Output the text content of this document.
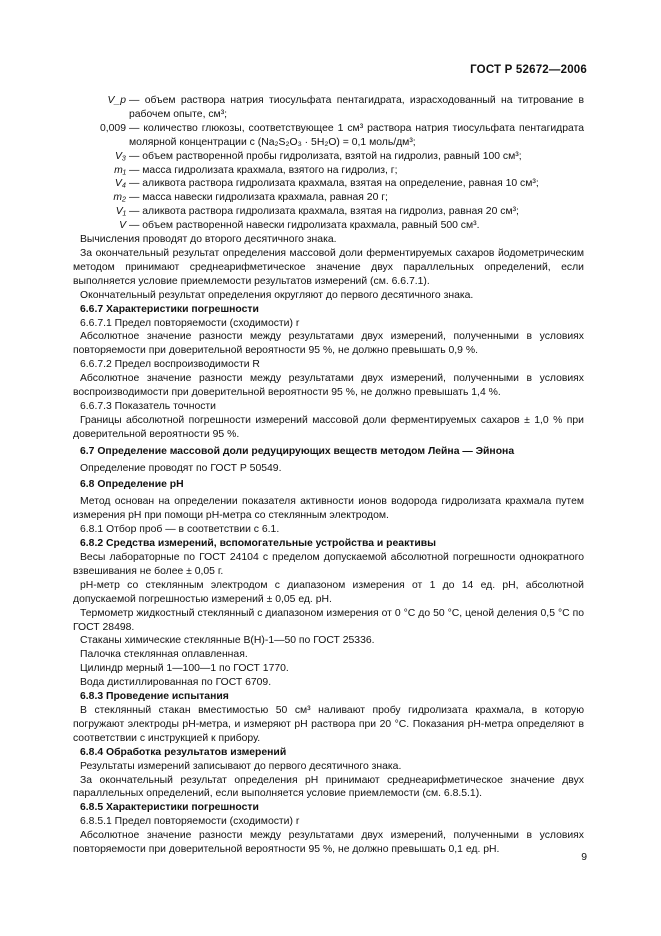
ГОСТ Р 52672—2006
V_p — объем раствора натрия тиосульфата пентагидрата, израсходованный на титрование в рабочем опыте, см³;
0,009 — количество глюкозы, соответствующее 1 см³ раствора натрия тиосульфата пентагидрата молярной концентрации c (Na₂S₂O₃ · 5H₂O) = 0,1 моль/дм³;
V₃ — объем растворенной пробы гидролизата, взятой на гидролиз, равный 100 см³;
m₁ — масса гидролизата крахмала, взятого на гидролиз, г;
V₄ — аликвота раствора гидролизата крахмала, взятая на определение, равная 10 см³;
m₂ — масса навески гидролизата крахмала, равная 20 г;
V₁ — аликвота раствора гидролизата крахмала, взятая на гидролиз, равная 20 см³;
V — объем растворенной навески гидролизата крахмала, равный 500 см³.

Вычисления проводят до второго десятичного знака.

За окончательный результат определения массовой доли ферментируемых сахаров йодометрическим методом принимают среднеарифметическое значение двух параллельных определений, если выполняется условие приемлемости результатов измерений (см. 6.6.7.1).

Окончательный результат определения округляют до первого десятичного знака.

6.6.7 Характеристики погрешности

6.6.7.1 Предел повторяемости (сходимости) r

Абсолютное значение разности между результатами двух измерений, полученными в условиях повторяемости при доверительной вероятности 95 %, не должно превышать 0,9 %.

6.6.7.2 Предел воспроизводимости R

Абсолютное значение разности между результатами двух измерений, полученными в условиях воспроизводимости при доверительной вероятности 95 %, не должно превышать 1,4 %.

6.6.7.3 Показатель точности

Границы абсолютной погрешности измерений массовой доли ферментируемых сахаров ± 1,0 % при доверительной вероятности 95 %.

6.7 Определение массовой доли редуцирующих веществ методом Лейна — Эйнона

Определение проводят по ГОСТ Р 50549.

6.8 Определение pH

Метод основан на определении показателя активности ионов водорода гидролизата крахмала путем измерения pH при помощи pH-метра со стеклянным электродом.

6.8.1 Отбор проб — в соответствии с 6.1.

6.8.2 Средства измерений, вспомогательные устройства и реактивы

Весы лабораторные по ГОСТ 24104 с пределом допускаемой абсолютной погрешности однократного взвешивания не более ± 0,05 г.

pH-метр со стеклянным электродом с диапазоном измерения от 1 до 14 ед. pH, абсолютной допускаемой погрешностью измерений ± 0,05 ед. pH.

Термометр жидкостный стеклянный с диапазоном измерения от 0 °C до 50 °C, ценой деления 0,5 °C по ГОСТ 28498.

Стаканы химические стеклянные В(Н)-1—50 по ГОСТ 25336.

Палочка стеклянная оплавленная.

Цилиндр мерный 1—100—1 по ГОСТ 1770.

Вода дистиллированная по ГОСТ 6709.

6.8.3 Проведение испытания

В стеклянный стакан вместимостью 50 см³ наливают пробу гидролизата крахмала, в которую погружают электроды pH-метра, и измеряют pH раствора при 20 °C. Показания pH-метра определяют в соответствии с инструкцией к прибору.

6.8.4 Обработка результатов измерений

Результаты измерений записывают до первого десятичного знака.

За окончательный результат определения pH принимают среднеарифметическое значение двух параллельных определений, если выполняется условие приемлемости (см. 6.8.5.1).

6.8.5 Характеристики погрешности

6.8.5.1 Предел повторяемости (сходимости) r

Абсолютное значение разности между результатами двух измерений, полученными в условиях повторяемости при доверительной вероятности 95 %, не должно превышать 0,1 ед. pH.

9
